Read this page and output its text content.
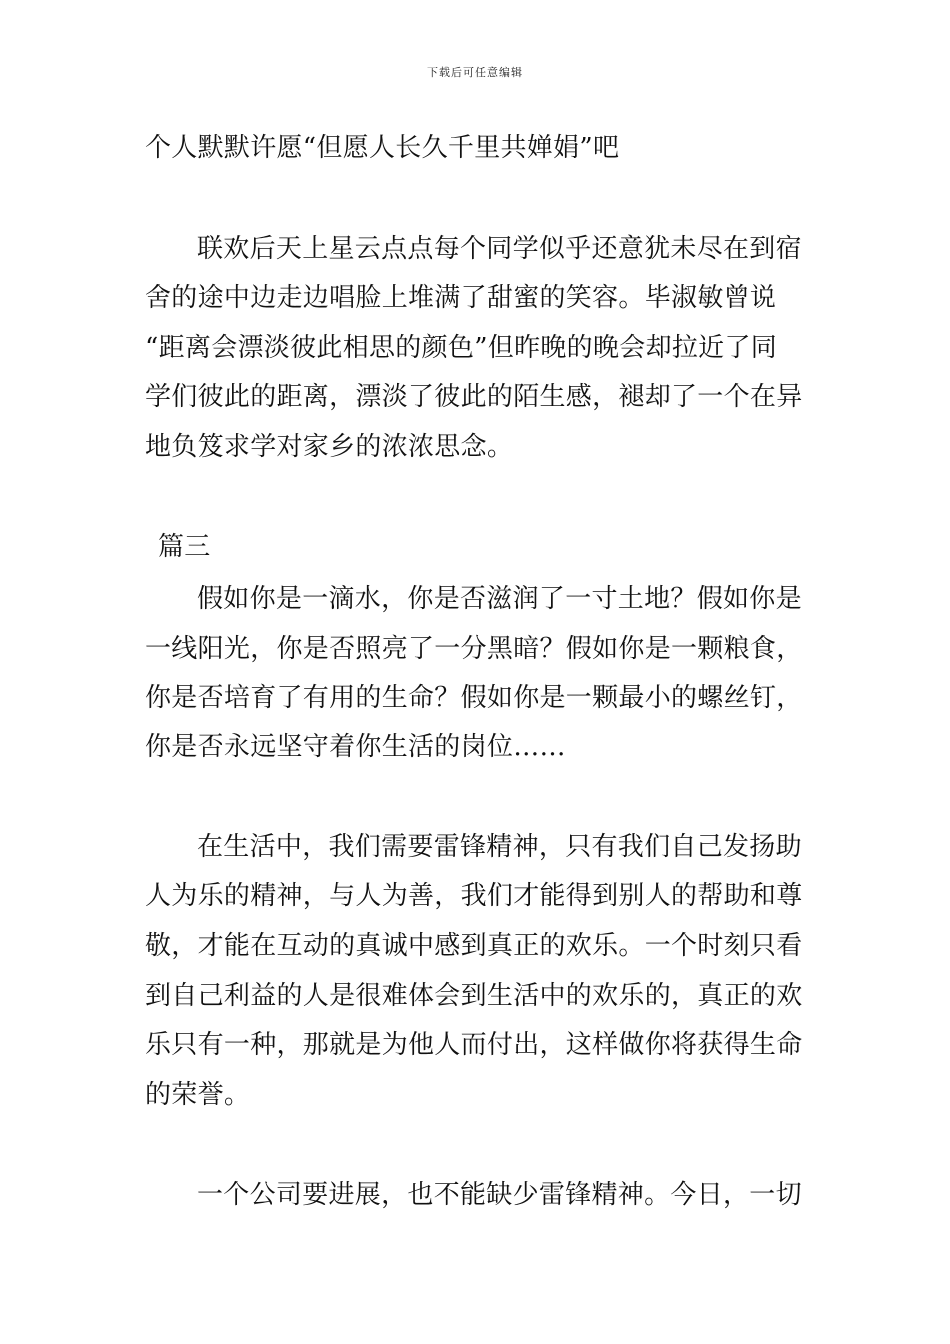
下载后可任意编辑
个人默默许愿“但愿人长久千里共婵娟”吧
联欢后天上星云点点每个同学似乎还意犹未尽在到宿
舍的途中边走边唱脸上堆满了甜蜜的笑容。毕淑敏曾说
“距离会漂淡彼此相思的颜色”但昨晚的晚会却拉近了同
学们彼此的距离，漂淡了彼此的陌生感，褪却了一个在异
地负笈求学对家乡的浓浓思念。
篇三
假如你是一滴水，你是否滋润了一寸土地？假如你是
一线阳光，你是否照亮了一分黑暗？假如你是一颗粮食，
你是否培育了有用的生命？假如你是一颗最小的螺丝钉，
你是否永远坚守着你生活的岗位……
在生活中，我们需要雷锋精神，只有我们自己发扬助
人为乐的精神，与人为善，我们才能得到别人的帮助和尊
敬，才能在互动的真诚中感到真正的欢乐。一个时刻只看
到自己利益的人是很难体会到生活中的欢乐的，真正的欢
乐只有一种，那就是为他人而付出，这样做你将获得生命
的荣誉。
一个公司要进展，也不能缺少雷锋精神。今日，一切
